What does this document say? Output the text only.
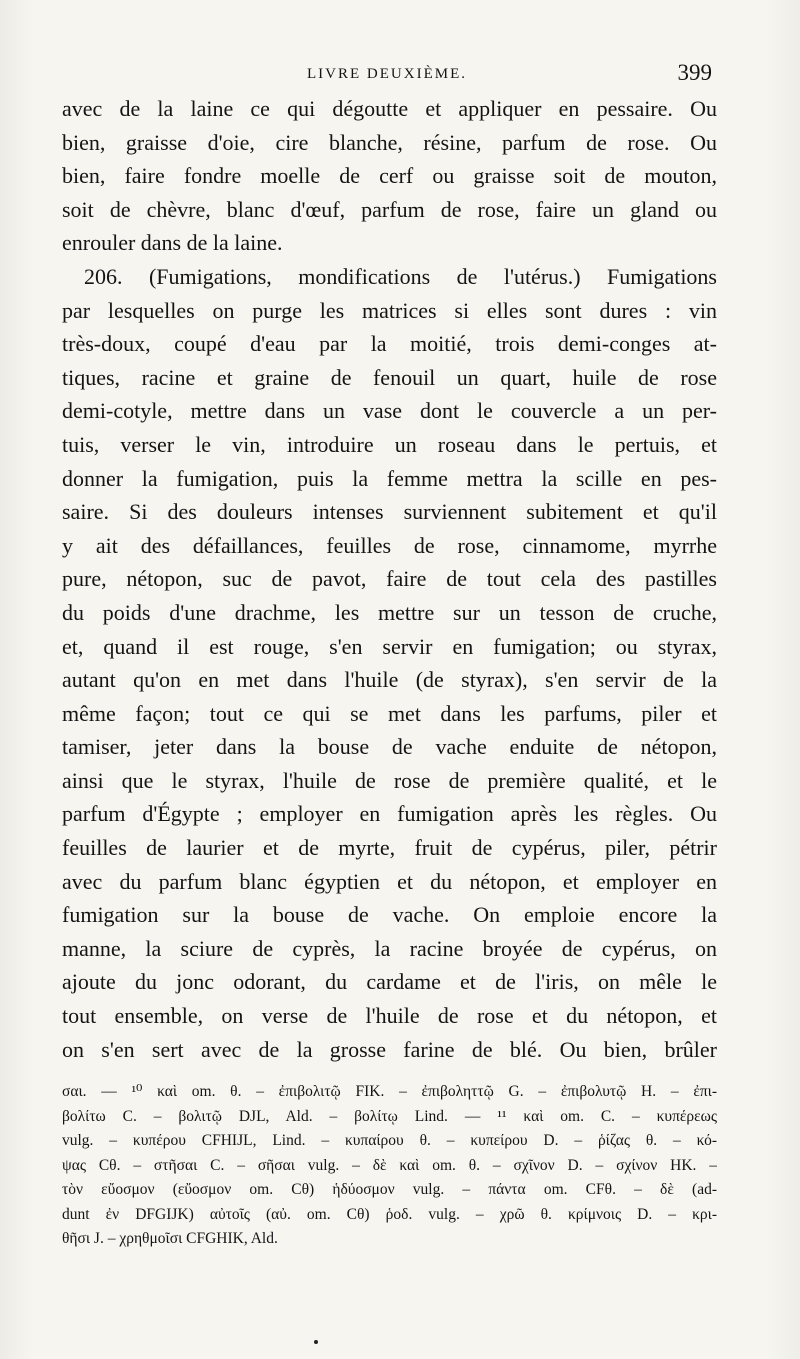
LIVRE DEUXIÈME.	399
avec de la laine ce qui dégoutte et appliquer en pessaire. Ou
bien, graisse d'oie, cire blanche, résine, parfum de rose. Ou
bien, faire fondre moelle de cerf ou graisse soit de mouton,
soit de chèvre, blanc d'œuf, parfum de rose, faire un gland ou
enrouler dans de la laine.
206. (Fumigations, mondifications de l'utérus.) Fumigations
par lesquelles on purge les matrices si elles sont dures : vin
très-doux, coupé d'eau par la moitié, trois demi-conges at-
tiques, racine et graine de fenouil un quart, huile de rose
demi-cotyle, mettre dans un vase dont le couvercle a un per-
tuis, verser le vin, introduire un roseau dans le pertuis, et
donner la fumigation, puis la femme mettra la scille en pes-
saire. Si des douleurs intenses surviennent subitement et qu'il
y ait des défaillances, feuilles de rose, cinnamome, myrrhe
pure, nétopon, suc de pavot, faire de tout cela des pastilles
du poids d'une drachme, les mettre sur un tesson de cruche,
et, quand il est rouge, s'en servir en fumigation; ou styrax,
autant qu'on en met dans l'huile (de styrax), s'en servir de la
même façon; tout ce qui se met dans les parfums, piler et
tamiser, jeter dans la bouse de vache enduite de nétopon,
ainsi que le styrax, l'huile de rose de première qualité, et le
parfum d'Égypte ; employer en fumigation après les règles. Ou
feuilles de laurier et de myrte, fruit de cypérus, piler, pétrir
avec du parfum blanc égyptien et du nétopon, et employer en
fumigation sur la bouse de vache. On emploie encore la
manne, la sciure de cyprès, la racine broyée de cypérus, on
ajoute du jonc odorant, du cardame et de l'iris, on mêle le
tout ensemble, on verse de l'huile de rose et du nétopon, et
on s'en sert avec de la grosse farine de blé. Ou bien, brûler
σαι. — ¹⁰ καὶ om. θ. – ἐπιβολιτῷ FIK. – ἐπιβοληττῷ G. – ἐπιβολυτῷ H. – ἐπι-
βολίτω C. – βολιτῷ DJL, Ald. – βολίτῳ Lind. — ¹¹ καὶ om. C. – κυπέρεως
vulg. – κυπέρου CFHIJL, Lind. – κυπαίρου θ. – κυπείρου D. – ῥίζας θ. – κό-
ψας Cθ. – στῆσαι C. – σῆσαι vulg. – δὲ καὶ om. θ. – σχῖνον D. – σχίνον HK. –
τὸν εὔοσμον (εὔοσμον om. Cθ) ἡδύοσμον vulg. – πάντα om. CFθ. – δὲ (ad-
dunt ἐν DFGIJK) αὐτοῖς (αὐ. om. Cθ) ῥοδ. vulg. – χρῶ θ. κρίμνοις D. – κρι-
θῆσι J. – χρηθμοῖσι CFGHIK, Ald.
